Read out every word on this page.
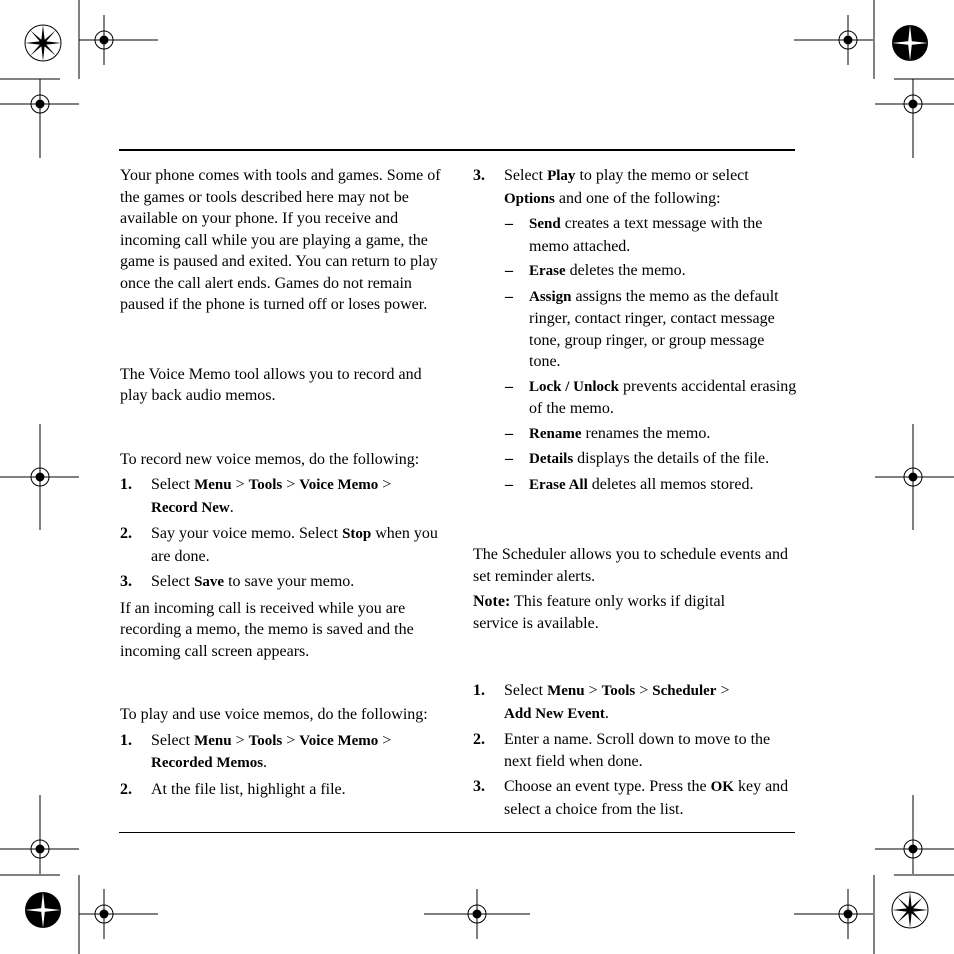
Your phone comes with tools and games. Some of the games or tools described here may not be available on your phone. If you receive and incoming call while you are playing a game, the game is paused and exited. You can return to play once the call alert ends. Games do not remain paused if the phone is turned off or loses power.

The Voice Memo tool allows you to record and play back audio memos.

To record new voice memos, do the following:

1. Select Menu > Tools > Voice Memo >
Record New.
2. Say your voice memo. Select Stop when you are done.
3. Select Save to save your memo.

If an incoming call is received while you are recording a memo, the memo is saved and the incoming call screen appears.

To play and use voice memos, do the following:

1. Select Menu > Tools > Voice Memo >
Recorded Memos.
2. At the file list, highlight a file.
3. Select Play to play the memo or select Options and one of the following:
– Send creates a text message with the memo attached.
– Erase deletes the memo.
– Assign assigns the memo as the default ringer, contact ringer, contact message tone, group ringer, or group message tone.
– Lock / Unlock prevents accidental erasing of the memo.
– Rename renames the memo.
– Details displays the details of the file.
– Erase All deletes all memos stored.

The Scheduler allows you to schedule events and set reminder alerts.

Note: This feature only works if digital service is available.

1. Select Menu > Tools > Scheduler >
Add New Event.
2. Enter a name. Scroll down to move to the next field when done.
3. Choose an event type. Press the OK key and select a choice from the list.
